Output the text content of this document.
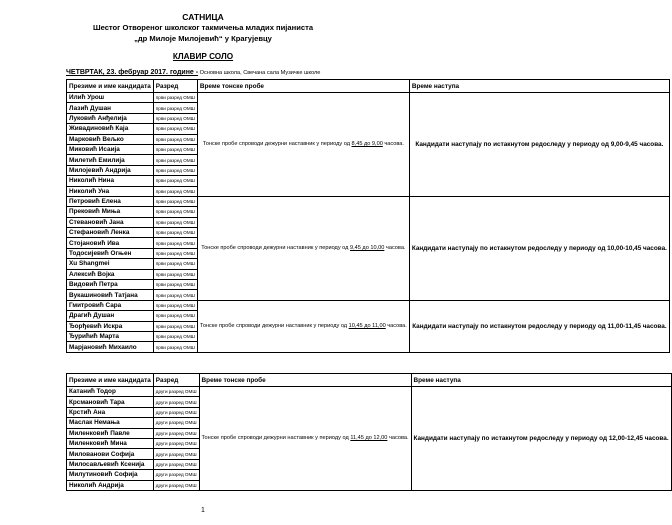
САТНИЦА
Шестог Отвореног школског такмичења младих пијаниста
„др Милоје Милојевић“ у Крагујевцу
КЛАВИР СОЛО
ЧЕТВРТАК, 23. фебруар 2017. године - Основна школа, Свечана сала Музичке школе
Презиме и име кандидата	Разред	Време тонске пробе	Време наступа
Илић Урош	први разред ОМШ	Тонске пробе спроводи дежурни наставник у периоду од 8,45 до 9,00 часова.	Кандидати наступају по истакнутом редоследу у периоду од 9,00-9,45 часова.
Лазић Душан	први разред ОМШ		
Луковић Анђелија	први разред ОМШ		
Живадиновић Каја	први разред ОМШ		
Марковић Вељко	први разред ОМШ		
Миковић Исаија	први разред ОМШ		
Милетић Емилија	први разред ОМШ		
Милојевић Андрија	први разред ОМШ		
Николић Нина	први разред ОМШ		
Николић Уна	први разред ОМШ		
Петровић Елена	први разред ОМШ	Тонске пробе спроводи дежурни наставник у периоду од 9,45 до 10,00 часова.	Кандидати наступају по истакнутом редоследу у периоду од 10,00-10,45 часова.
Прековић Миња	први разред ОМШ		
Стевановић Јана	први разред ОМШ		
Стефановић Ленка	први разред ОМШ		
Стојановић Ива	први разред ОМШ		
Тодосијевић Огњен	први разред ОМШ		
Xu Shangmei	први разред ОМШ		
Алексић Војка	први разред ОМШ		
Видовић Петра	први разред ОМШ		
Вукашиновић Татјана	први разред ОМШ		
Гмитровић Сара	први разред ОМШ	Тонске пробе спроводи дежурни наставник у периоду од 10,45 до 11,00 часова.	Кандидати наступају по истакнутом редоследу у периоду од 11,00-11,45 часова.
Драгић Душан	први разред ОМШ		
Ђорђевић Искра	први разред ОМШ		
Ђурићић Марта	први разред ОМШ		
Марјановић Михаило	први разред ОМШ		
Презиме и име кандидата	Разред	Време тонске пробе	Време наступа
Катанић Тодор	други разред ОМШ	Тонске пробе спроводи дежурни наставник у периоду од 11,45 до 12,00 часова.	Кандидати наступају по истакнутом редоследу у периоду од 12,00-12,45 часова.
Крсмановић Тара	други разред ОМШ		
Крстић Ана	други разред ОМШ		
Маслак Немања	други разред ОМШ		
Миленковић Павле	други разред ОМШ		
Миленковић Мина	други разред ОМШ		
Милованови Софија	други разред ОМШ		
Милосављевић Ксенија	други разред ОМШ		
Милутиновић Софија	други разред ОМШ		
Николић Андрија	други разред ОМШ		
1
